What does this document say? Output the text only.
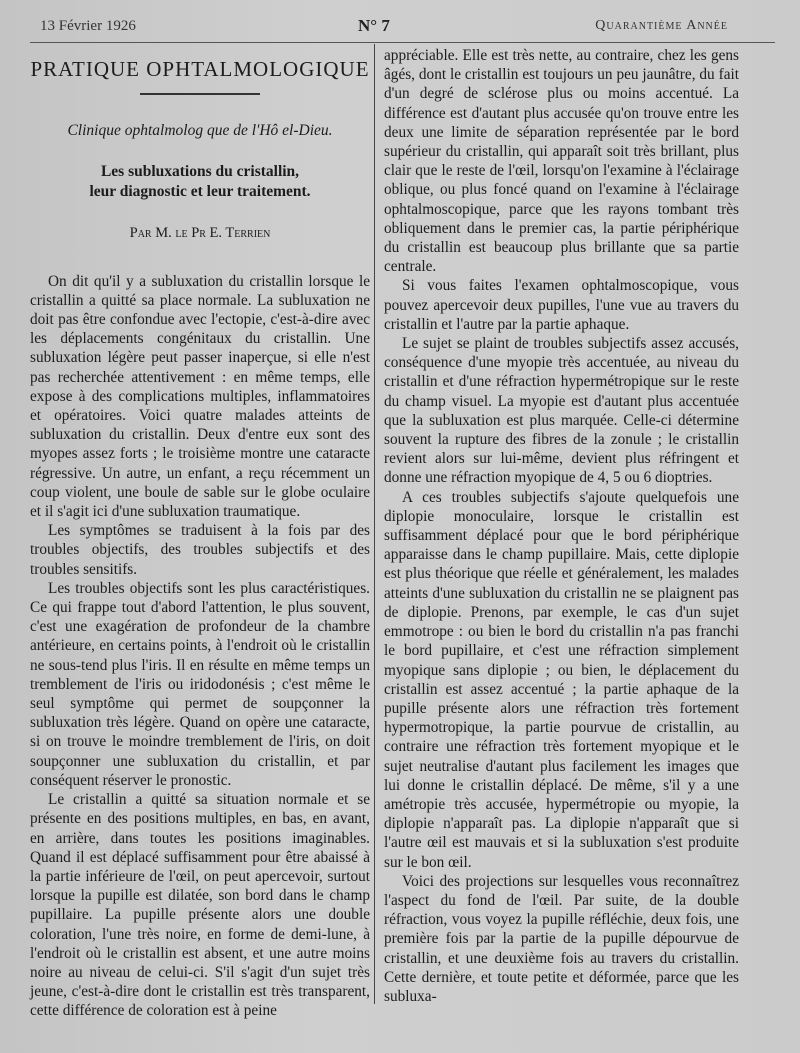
13 Février 1926	N° 7	Quarantième Année
PRATIQUE OPHTALMOLOGIQUE
Clinique ophtalmolog que de l'Hô el-Dieu.
Les subluxations du cristallin,
leur diagnostic et leur traitement.
Par M. le Pr E. Terrien

On dit qu'il y a subluxation du cristallin lorsque le cristallin a quitté sa place normale. La subluxation ne doit pas être confondue avec l'ectopie, c'est-à-dire avec les déplacements congénitaux du cristallin. Une subluxation légère peut passer inaperçue, si elle n'est pas recherchée attentivement : en même temps, elle expose à des complications multiples, inflammatoires et opératoires. Voici quatre malades atteints de subluxation du cristallin. Deux d'entre eux sont des myopes assez forts ; le troisième montre une cataracte régressive. Un autre, un enfant, a reçu récemment un coup violent, une boule de sable sur le globe oculaire et il s'agit ici d'une subluxation traumatique.

Les symptômes se traduisent à la fois par des troubles objectifs, des troubles subjectifs et des troubles sensitifs.

Les troubles objectifs sont les plus caractéristiques. Ce qui frappe tout d'abord l'attention, le plus souvent, c'est une exagération de profondeur de la chambre antérieure, en certains points, à l'endroit où le cristallin ne sous-tend plus l'iris. Il en résulte en même temps un tremblement de l'iris ou iridodonésis ; c'est même le seul symptôme qui permet de soupçonner la subluxation très légère. Quand on opère une cataracte, si on trouve le moindre tremblement de l'iris, on doit soupçonner une subluxation du cristallin, et par conséquent réserver le pronostic.

Le cristallin a quitté sa situation normale et se présente en des positions multiples, en bas, en avant, en arrière, dans toutes les positions imaginables. Quand il est déplacé suffisamment pour être abaissé à la partie inférieure de l'œil, on peut apercevoir, surtout lorsque la pupille est dilatée, son bord dans le champ pupillaire. La pupille présente alors une double coloration, l'une très noire, en forme de demi-lune, à l'endroit où le cristallin est absent, et une autre moins noire au niveau de celui-ci. S'il s'agit d'un sujet très jeune, c'est-à-dire dont le cristallin est très transparent, cette différence de coloration est à peine

appréciable. Elle est très nette, au contraire, chez les gens âgés, dont le cristallin est toujours un peu jaunâtre, du fait d'un degré de sclérose plus ou moins accentué. La différence est d'autant plus accusée qu'on trouve entre les deux une limite de séparation représentée par le bord supérieur du cristallin, qui apparaît soit très brillant, plus clair que le reste de l'œil, lorsqu'on l'examine à l'éclairage oblique, ou plus foncé quand on l'examine à l'éclairage ophtalmoscopique, parce que les rayons tombant très obliquement dans le premier cas, la partie périphérique du cristallin est beaucoup plus brillante que sa partie centrale.

Si vous faites l'examen ophtalmoscopique, vous pouvez apercevoir deux pupilles, l'une vue au travers du cristallin et l'autre par la partie aphaque.

Le sujet se plaint de troubles subjectifs assez accusés, conséquence d'une myopie très accentuée, au niveau du cristallin et d'une réfraction hypermétropique sur le reste du champ visuel. La myopie est d'autant plus accentuée que la subluxation est plus marquée. Celle-ci détermine souvent la rupture des fibres de la zonule ; le cristallin revient alors sur lui-même, devient plus réfringent et donne une réfraction myopique de 4, 5 ou 6 dioptries.

A ces troubles subjectifs s'ajoute quelquefois une diplopie monoculaire, lorsque le cristallin est suffisamment déplacé pour que le bord périphérique apparaisse dans le champ pupillaire. Mais, cette diplopie est plus théorique que réelle et généralement, les malades atteints d'une subluxation du cristallin ne se plaignent pas de diplopie. Prenons, par exemple, le cas d'un sujet emmotrope : ou bien le bord du cristallin n'a pas franchi le bord pupillaire, et c'est une réfraction simplement myopique sans diplopie ; ou bien, le déplacement du cristallin est assez accentué ; la partie aphaque de la pupille présente alors une réfraction très fortement hypermotropique, la partie pourvue de cristallin, au contraire une réfraction très fortement myopique et le sujet neutralise d'autant plus facilement les images que lui donne le cristallin déplacé. De même, s'il y a une amétropie très accusée, hypermétropie ou myopie, la diplopie n'apparaît pas. La diplopie n'apparaît que si l'autre œil est mauvais et si la subluxation s'est produite sur le bon œil.

Voici des projections sur lesquelles vous reconnaîtrez l'aspect du fond de l'œil. Par suite, de la double réfraction, vous voyez la pupille réfléchie, deux fois, une première fois par la partie de la pupille dépourvue de cristallin, et une deuxième fois au travers du cristallin. Cette dernière, et toute petite et déformée, parce que les subluxa-
